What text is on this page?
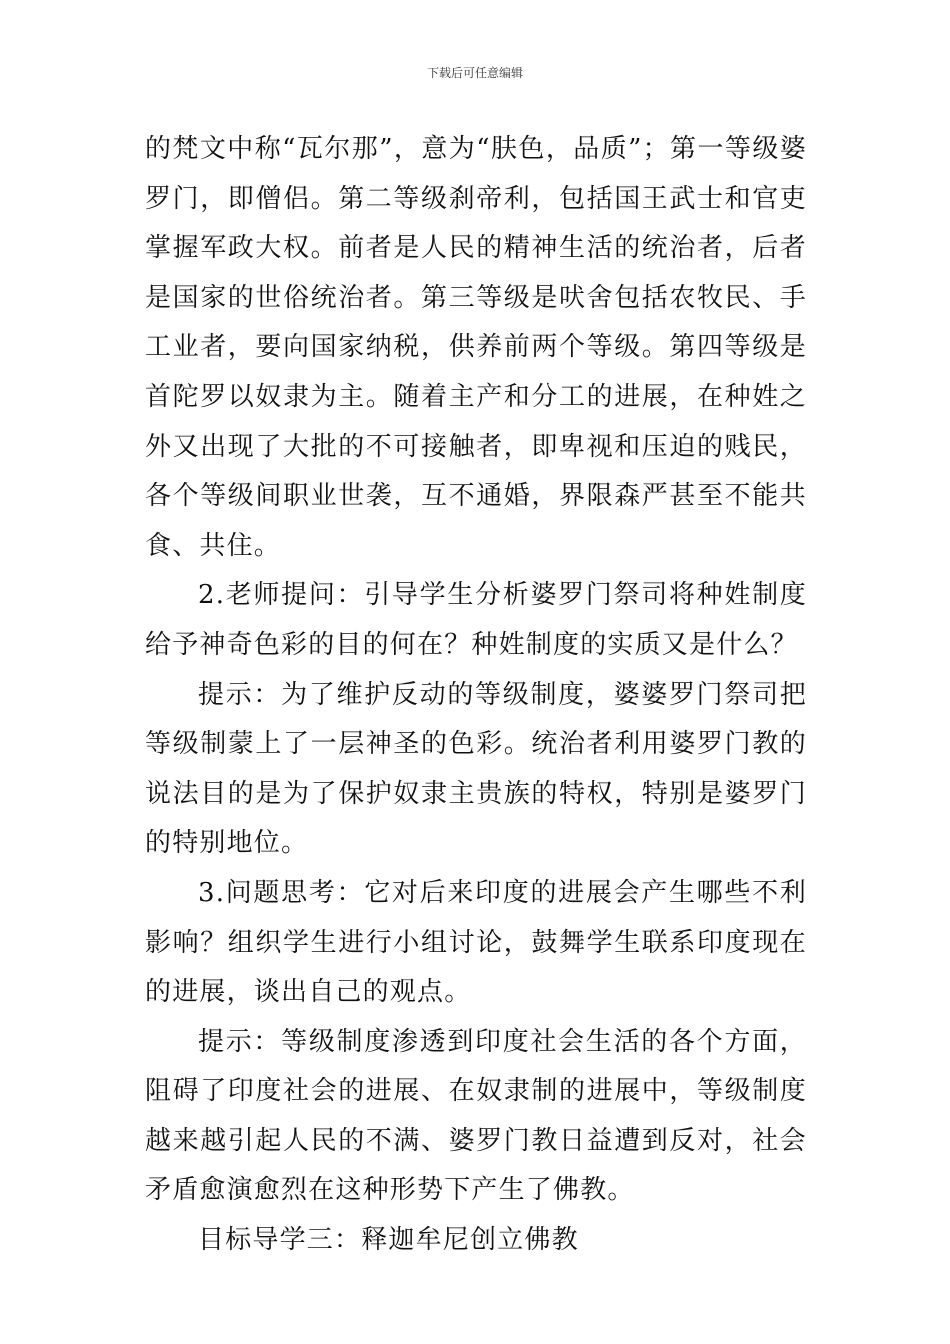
下载后可任意编辑

的梵文中称“瓦尔那”，意为“肤色，品质”；第一等级婆罗门，即僧侣。第二等级刹帝利，包括国王武士和官吏掌握军政大权。前者是人民的精神生活的统治者，后者是国家的世俗统治者。第三等级是吠舍包括农牧民、手工业者，要向国家纳税，供养前两个等级。第四等级是首陀罗以奴隶为主。随着主产和分工的进展，在种姓之外又出现了大批的不可接触者，即卑视和压迫的贱民，各个等级间职业世袭，互不通婚，界限森严甚至不能共食、共住。

2.老师提问：引导学生分析婆罗门祭司将种姓制度给予神奇色彩的目的何在？种姓制度的实质又是什么？

提示：为了维护反动的等级制度，婆婆罗门祭司把等级制蒙上了一层神圣的色彩。统治者利用婆罗门教的说法目的是为了保护奴隶主贵族的特权，特别是婆罗门的特别地位。

3.问题思考：它对后来印度的进展会产生哪些不利影响？组织学生进行小组讨论，鼓舞学生联系印度现在的进展，谈出自己的观点。

提示：等级制度渗透到印度社会生活的各个方面，阻碍了印度社会的进展、在奴隶制的进展中，等级制度越来越引起人民的不满、婆罗门教日益遭到反对，社会矛盾愈演愈烈在这种形势下产生了佛教。

目标导学三：释迦牟尼创立佛教
